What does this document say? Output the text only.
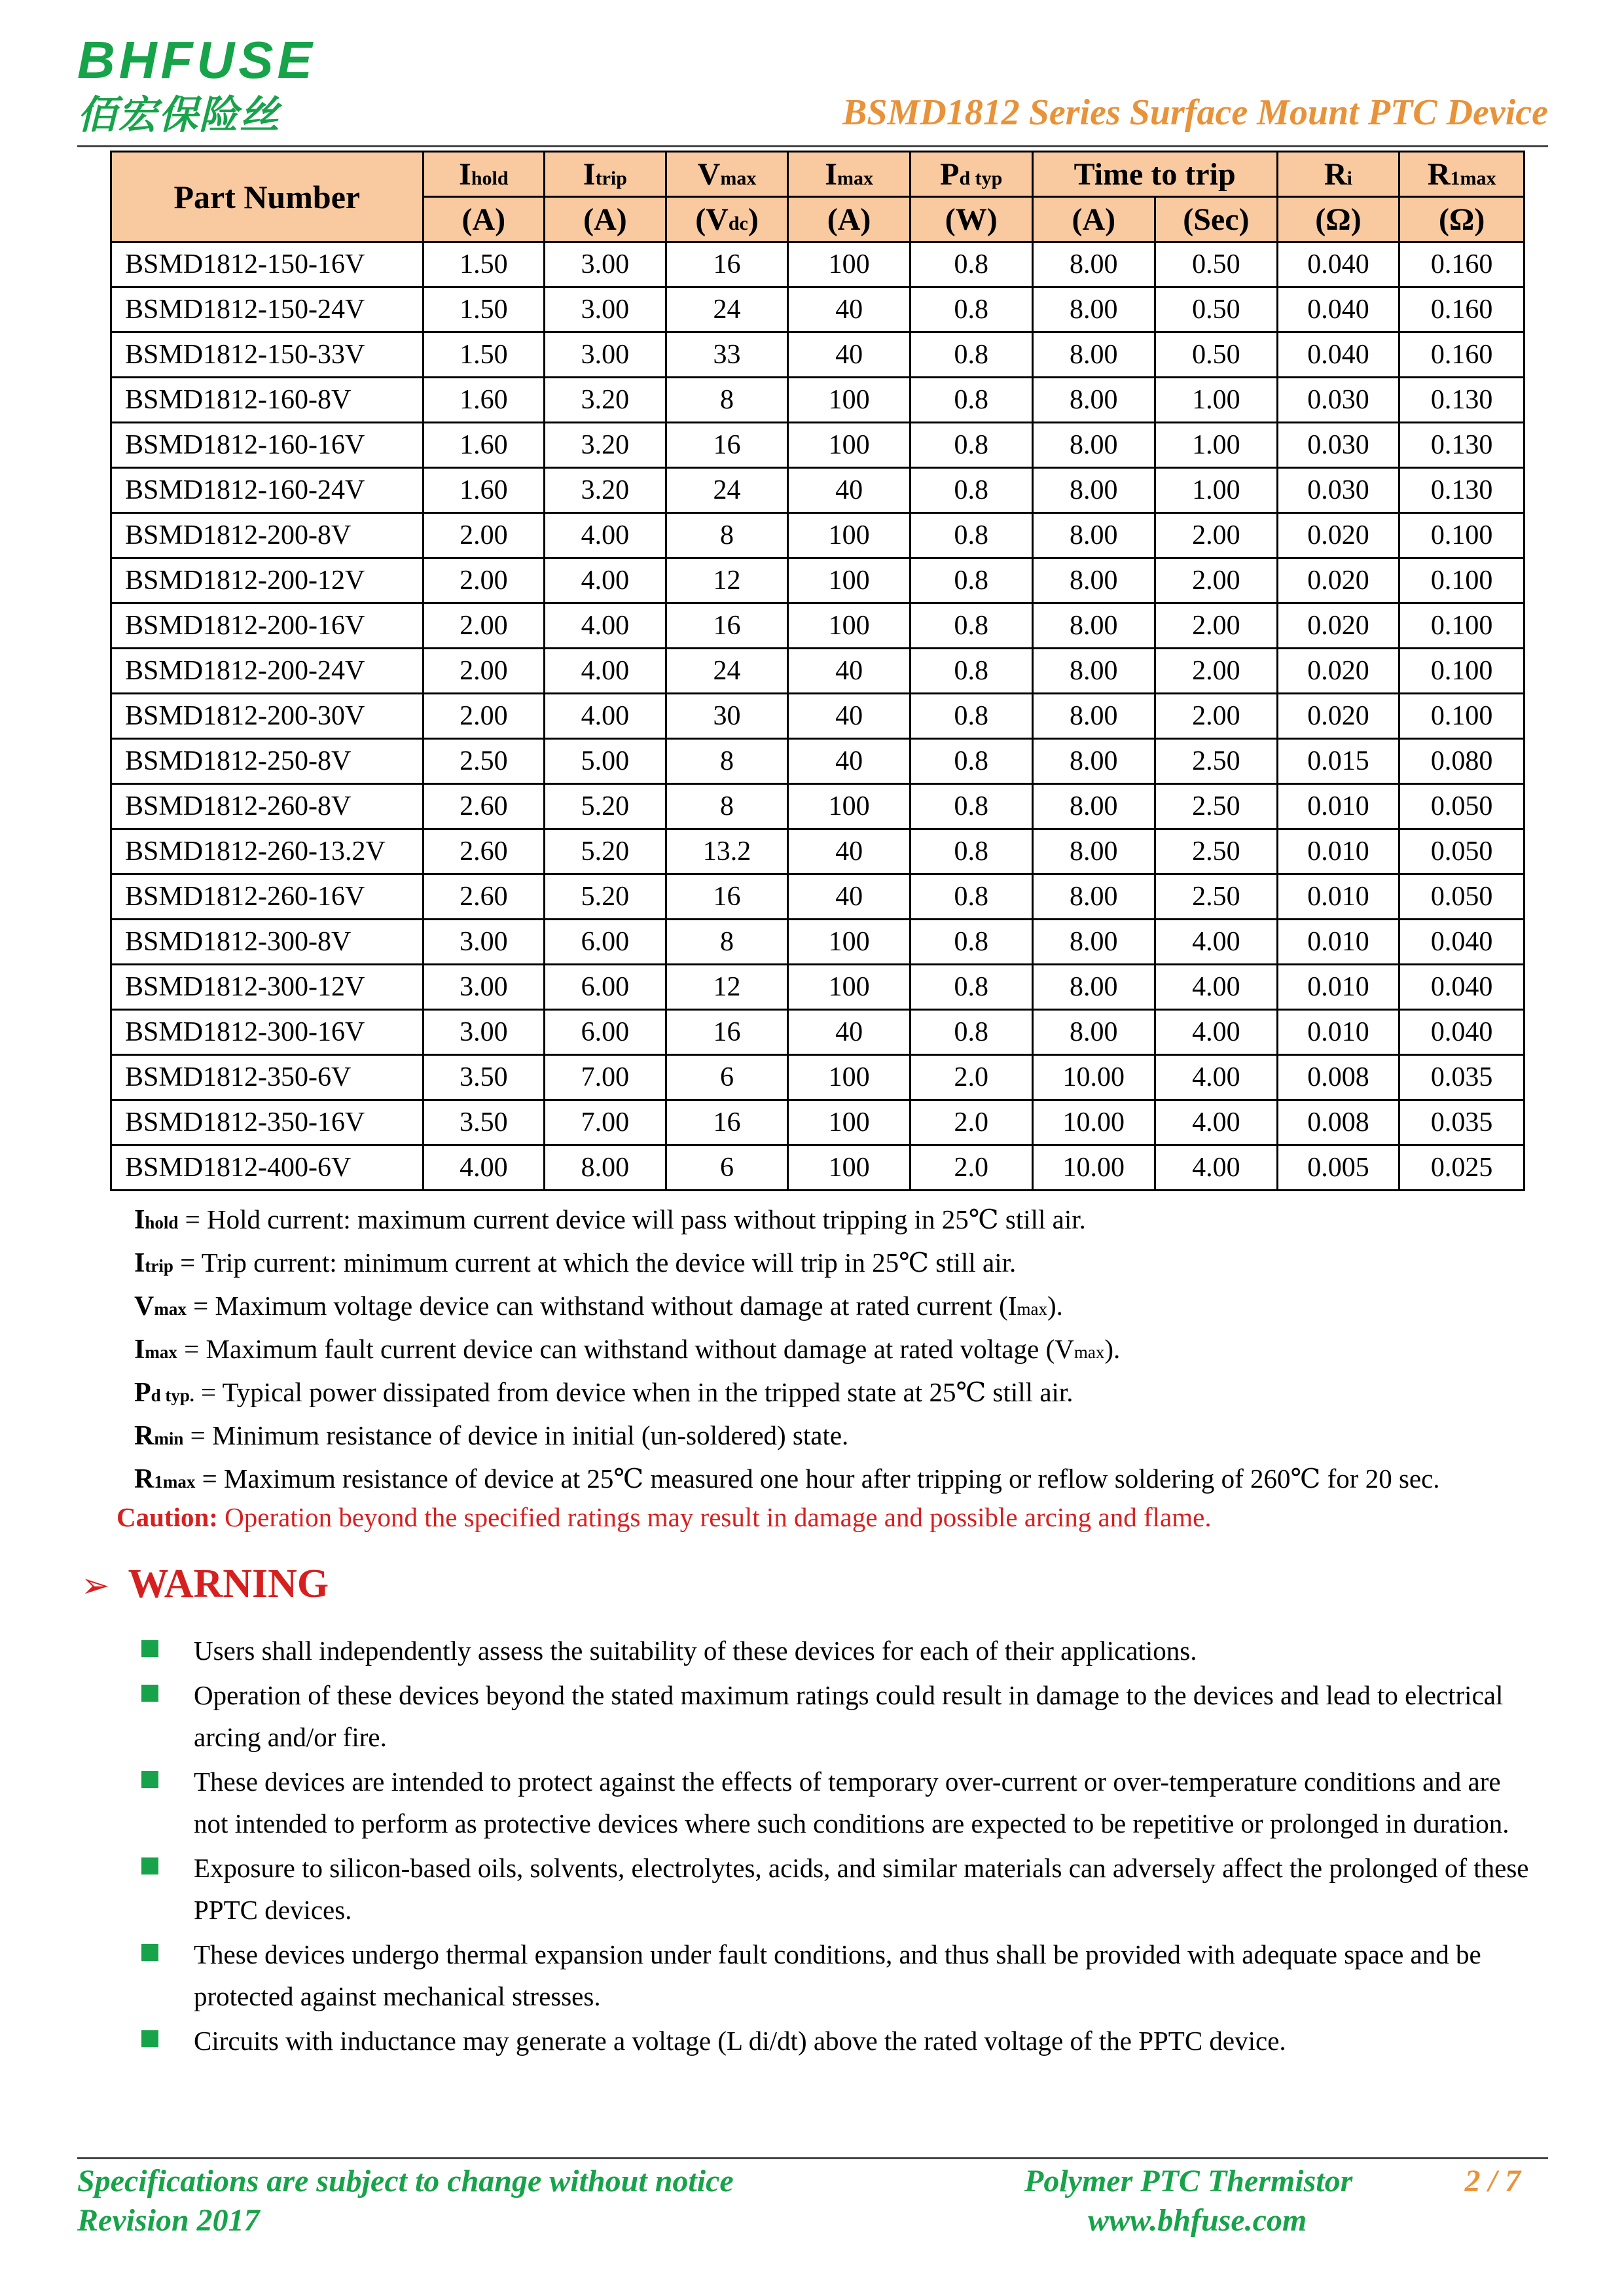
BHFUSE
佰宏保险丝	BSMD1812 Series Surface Mount PTC Device
Part Number	Ihold	Itrip	Vmax	Imax	Pd typ	Time to trip		Ri	R1max
	(A)	(A)	(Vdc)	(A)	(W)	(A)	(Sec)	(Ω)	(Ω)
BSMD1812-150-16V	1.50	3.00	16	100	0.8	8.00	0.50	0.040	0.160
BSMD1812-150-24V	1.50	3.00	24	40	0.8	8.00	0.50	0.040	0.160
BSMD1812-150-33V	1.50	3.00	33	40	0.8	8.00	0.50	0.040	0.160
BSMD1812-160-8V	1.60	3.20	8	100	0.8	8.00	1.00	0.030	0.130
BSMD1812-160-16V	1.60	3.20	16	100	0.8	8.00	1.00	0.030	0.130
BSMD1812-160-24V	1.60	3.20	24	40	0.8	8.00	1.00	0.030	0.130
BSMD1812-200-8V	2.00	4.00	8	100	0.8	8.00	2.00	0.020	0.100
BSMD1812-200-12V	2.00	4.00	12	100	0.8	8.00	2.00	0.020	0.100
BSMD1812-200-16V	2.00	4.00	16	100	0.8	8.00	2.00	0.020	0.100
BSMD1812-200-24V	2.00	4.00	24	40	0.8	8.00	2.00	0.020	0.100
BSMD1812-200-30V	2.00	4.00	30	40	0.8	8.00	2.00	0.020	0.100
BSMD1812-250-8V	2.50	5.00	8	40	0.8	8.00	2.50	0.015	0.080
BSMD1812-260-8V	2.60	5.20	8	100	0.8	8.00	2.50	0.010	0.050
BSMD1812-260-13.2V	2.60	5.20	13.2	40	0.8	8.00	2.50	0.010	0.050
BSMD1812-260-16V	2.60	5.20	16	40	0.8	8.00	2.50	0.010	0.050
BSMD1812-300-8V	3.00	6.00	8	100	0.8	8.00	4.00	0.010	0.040
BSMD1812-300-12V	3.00	6.00	12	100	0.8	8.00	4.00	0.010	0.040
BSMD1812-300-16V	3.00	6.00	16	40	0.8	8.00	4.00	0.010	0.040
BSMD1812-350-6V	3.50	7.00	6	100	2.0	10.00	4.00	0.008	0.035
BSMD1812-350-16V	3.50	7.00	16	100	2.0	10.00	4.00	0.008	0.035
BSMD1812-400-6V	4.00	8.00	6	100	2.0	10.00	4.00	0.005	0.025
Ihold = Hold current: maximum current device will pass without tripping in 25℃ still air.
Itrip = Trip current: minimum current at which the device will trip in 25℃ still air.
Vmax = Maximum voltage device can withstand without damage at rated current (Imax).
Imax = Maximum fault current device can withstand without damage at rated voltage (Vmax).
Pd typ. = Typical power dissipated from device when in the tripped state at 25℃ still air.
Rmin = Minimum resistance of device in initial (un-soldered) state.
R1max = Maximum resistance of device at 25℃ measured one hour after tripping or reflow soldering of 260℃ for 20 sec.
Caution: Operation beyond the specified ratings may result in damage and possible arcing and flame.
➢ WARNING
Users shall independently assess the suitability of these devices for each of their applications.
Operation of these devices beyond the stated maximum ratings could result in damage to the devices and lead to electrical arcing and/or fire.
These devices are intended to protect against the effects of temporary over-current or over-temperature conditions and are not intended to perform as protective devices where such conditions are expected to be repetitive or prolonged in duration.
Exposure to silicon-based oils, solvents, electrolytes, acids, and similar materials can adversely affect the prolonged of these PPTC devices.
These devices undergo thermal expansion under fault conditions, and thus shall be provided with adequate space and be protected against mechanical stresses.
Circuits with inductance may generate a voltage (L di/dt) above the rated voltage of the PPTC device.
Specifications are subject to change without notice
Revision 2017
Polymer PTC Thermistor	2 / 7
www.bhfuse.com
